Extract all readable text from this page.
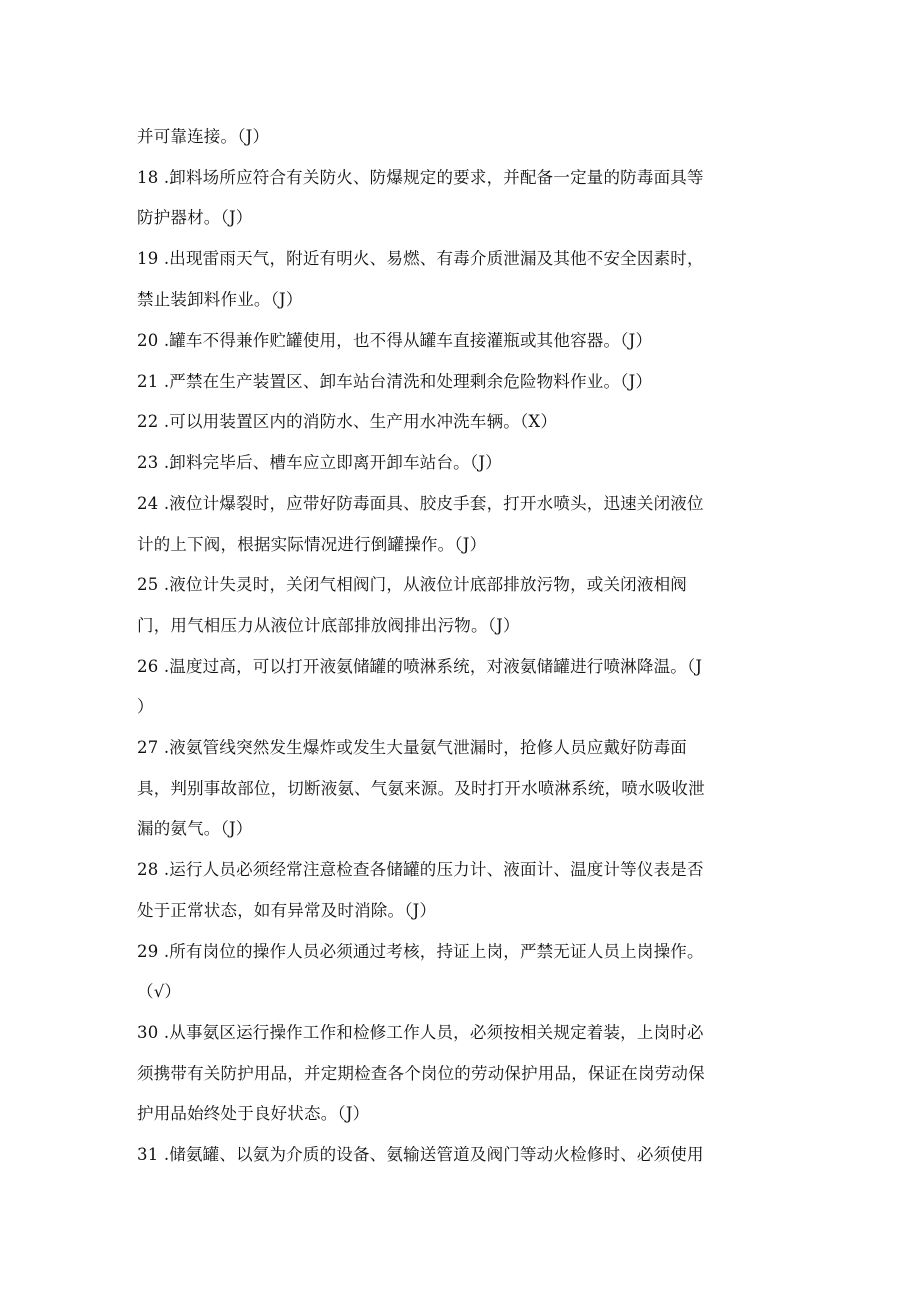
并可靠连接。（J）
18 .卸料场所应符合有关防火、防爆规定的要求，并配备一定量的防毒面具等
防护器材。（J）
19 .出现雷雨天气，附近有明火、易燃、有毒介质泄漏及其他不安全因素时，
禁止装卸料作业。（J）
20 .罐车不得兼作贮罐使用，也不得从罐车直接灌瓶或其他容器。（J）
21 .严禁在生产装置区、卸车站台清洗和处理剩余危险物料作业。（J）
22 .可以用装置区内的消防水、生产用水冲洗车辆。（X）
23 .卸料完毕后、槽车应立即离开卸车站台。（J）
24 .液位计爆裂时，应带好防毒面具、胶皮手套，打开水喷头，迅速关闭液位
计的上下阀，根据实际情况进行倒罐操作。（J）
25 .液位计失灵时，关闭气相阀门，从液位计底部排放污物，或关闭液相阀
门，用气相压力从液位计底部排放阀排出污物。（J）
26 .温度过高，可以打开液氨储罐的喷淋系统，对液氨储罐进行喷淋降温。（J
）
27 .液氨管线突然发生爆炸或发生大量氨气泄漏时，抢修人员应戴好防毒面
具，判别事故部位，切断液氨、气氨来源。及时打开水喷淋系统，喷水吸收泄
漏的氨气。（J）
28 .运行人员必须经常注意检查各储罐的压力计、液面计、温度计等仪表是否
处于正常状态，如有异常及时消除。（J）
29 .所有岗位的操作人员必须通过考核，持证上岗，严禁无证人员上岗操作。
（√）
30 .从事氨区运行操作工作和检修工作人员，必须按相关规定着装，上岗时必
须携带有关防护用品，并定期检查各个岗位的劳动保护用品，保证在岗劳动保
护用品始终处于良好状态。（J）
31 .储氨罐、以氨为介质的设备、氨输送管道及阀门等动火检修时、必须使用
